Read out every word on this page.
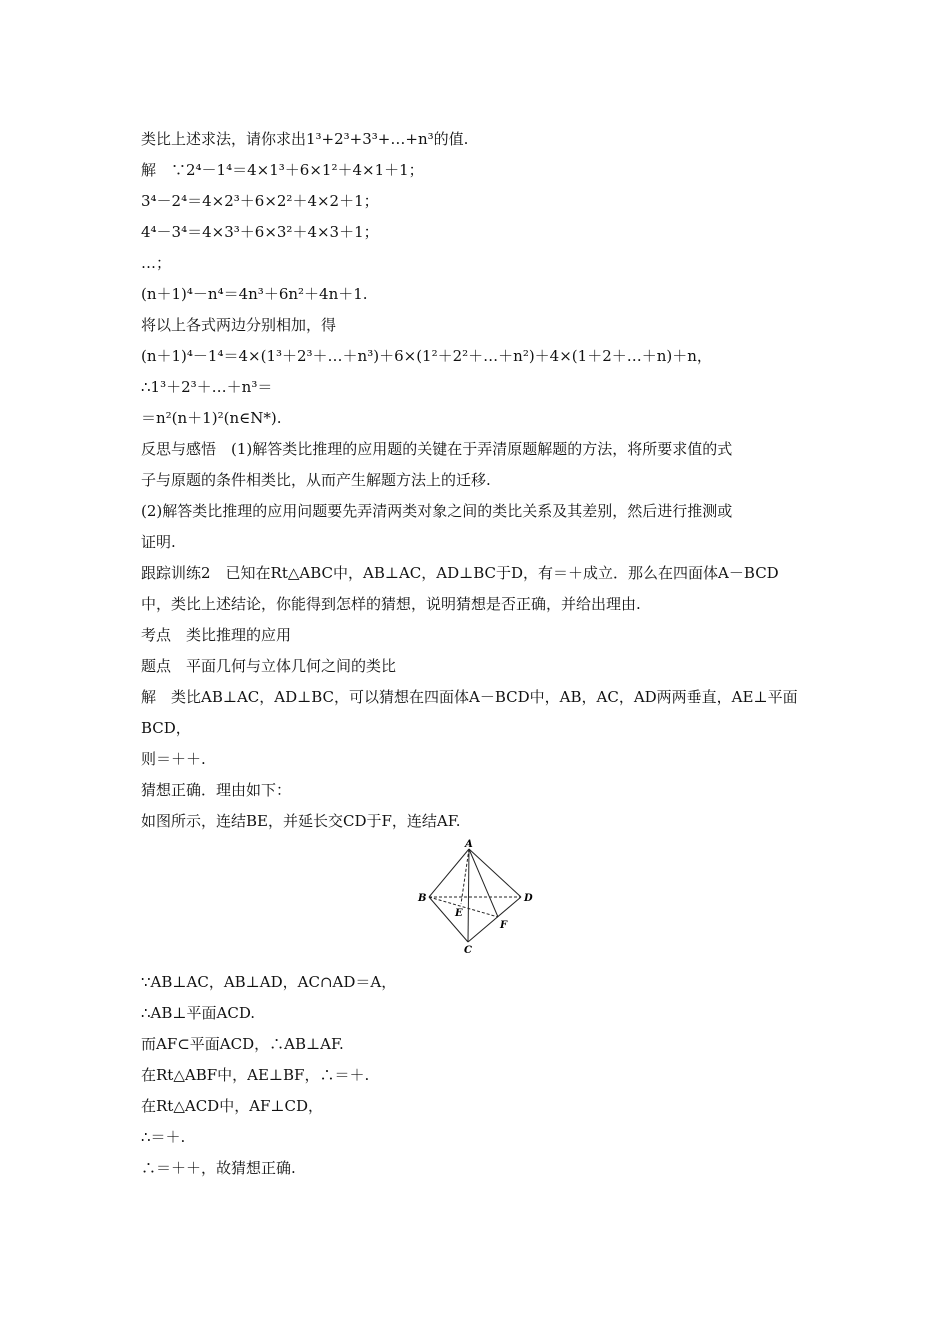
类比上述求法，请你求出1³+2³+3³+…+n³的值.
解　∵2⁴－1⁴＝4×1³＋6×1²＋4×1＋1；
3⁴－2⁴＝4×2³＋6×2²＋4×2＋1；
4⁴－3⁴＝4×3³＋6×3²＋4×3＋1；
…；
(n＋1)⁴－n⁴＝4n³＋6n²＋4n＋1.
将以上各式两边分别相加，得
(n＋1)⁴－1⁴＝4×(1³＋2³＋…＋n³)＋6×(1²＋2²＋…＋n²)＋4×(1＋2＋…＋n)＋n，
∴1³＋2³＋…＋n³＝
＝n²(n＋1)²(n∈N*).
反思与感悟　(1)解答类比推理的应用题的关键在于弄清原题解题的方法，将所要求值的式
子与原题的条件相类比，从而产生解题方法上的迁移.
(2)解答类比推理的应用问题要先弄清两类对象之间的类比关系及其差别，然后进行推测或
证明.
跟踪训练2　已知在Rt△ABC中，AB⊥AC，AD⊥BC于D，有＝＋成立．那么在四面体A－BCD
中，类比上述结论，你能得到怎样的猜想，说明猜想是否正确，并给出理由.
考点　类比推理的应用
题点　平面几何与立体几何之间的类比
解　类比AB⊥AC，AD⊥BC，可以猜想在四面体A－BCD中，AB，AC，AD两两垂直，AE⊥平面
BCD，
则＝＋＋.
猜想正确．理由如下：
如图所示，连结BE，并延长交CD于F，连结AF.
A
B	D
E
F
C
∵AB⊥AC，AB⊥AD，AC∩AD＝A，
∴AB⊥平面ACD.
而AF⊂平面ACD，∴AB⊥AF.
在Rt△ABF中，AE⊥BF，∴＝＋.
在Rt△ACD中，AF⊥CD，
∴＝＋.
∴＝＋＋，故猜想正确.
